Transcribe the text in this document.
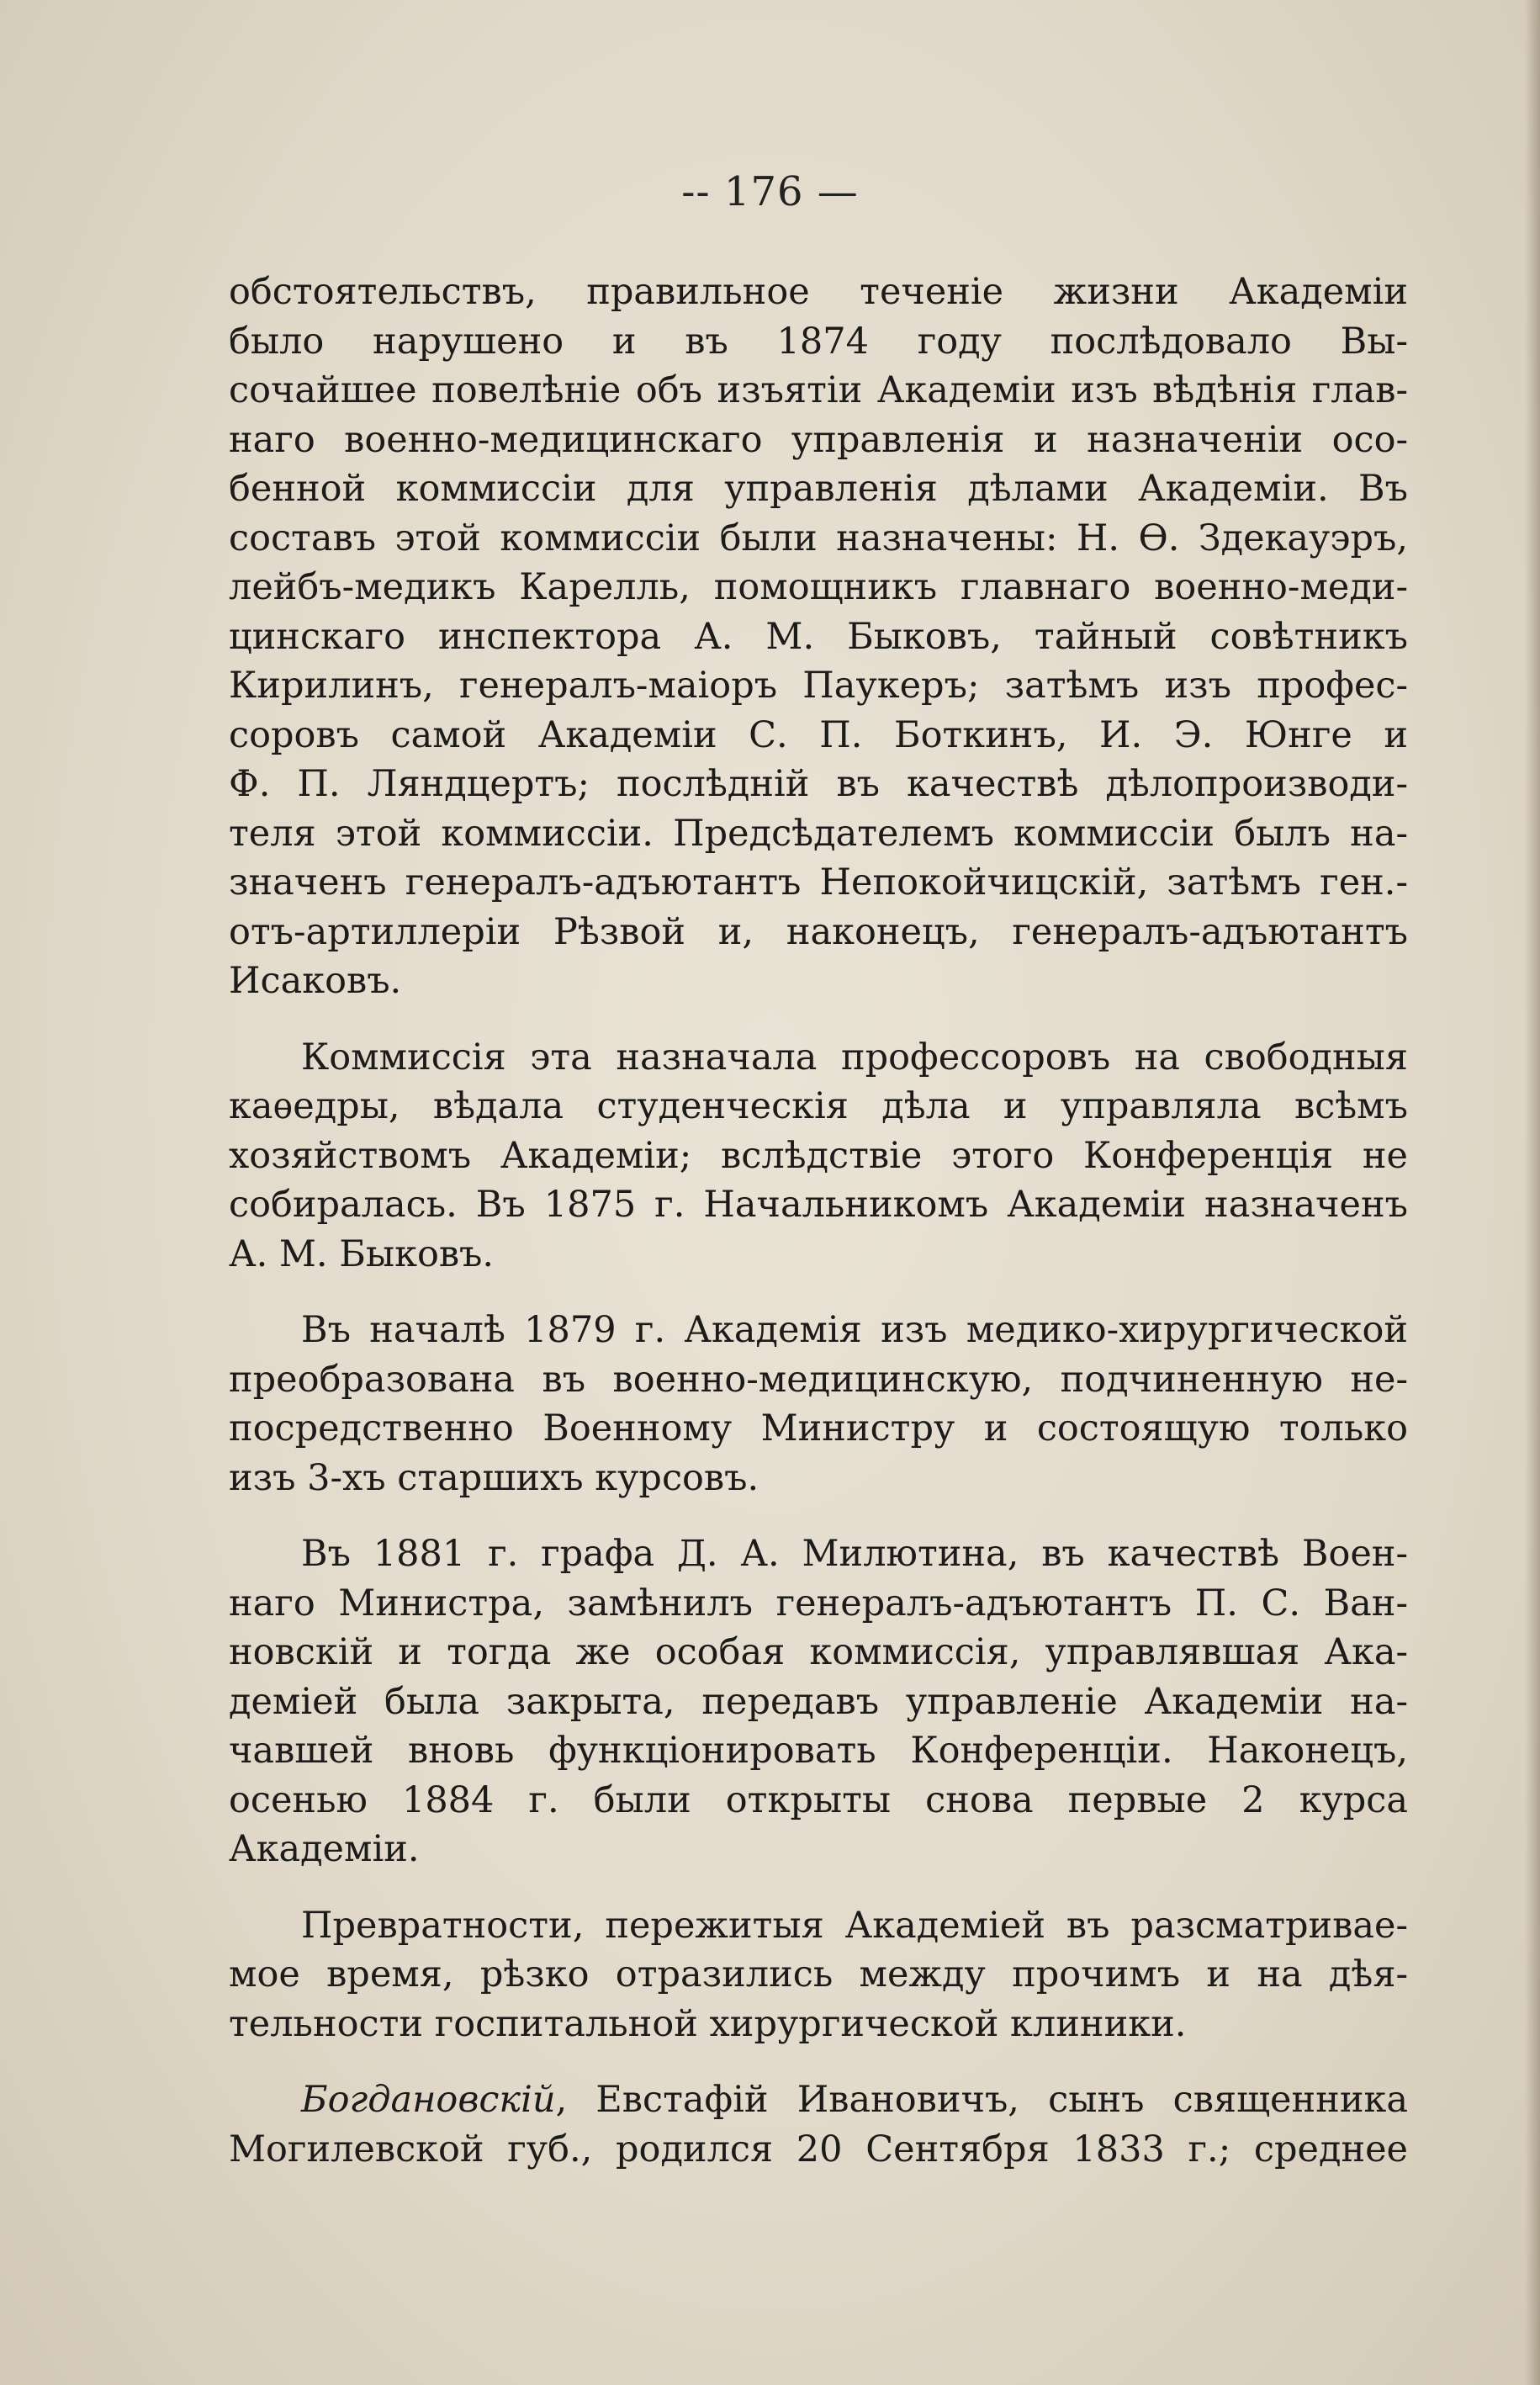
-- 176 —

обстоятельствъ, правильное теченіе жизни Академіи
было нарушено и въ 1874 году послѣдовало Вы-
сочайшее повелѣніе объ изъятіи Академіи изъ вѣдѣнія глав-
наго военно-медицинскаго управленія и назначеніи осо-
бенной коммиссіи для управленія дѣлами Академіи. Въ
составъ этой коммиссіи были назначены: Н. Ѳ. Здекауэръ,
лейбъ-медикъ Карелль, помощникъ главнаго военно-меди-
цинскаго инспектора А. М. Быковъ, тайный совѣтникъ
Кирилинъ, генералъ-маіоръ Паукеръ; затѣмъ изъ профес-
соровъ самой Академіи С. П. Боткинъ, И. Э. Юнге и
Ф. П. Ляндцертъ; послѣдній въ качествѣ дѣлопроизводи-
теля этой коммиссіи. Предсѣдателемъ коммиссіи былъ на-
значенъ генералъ-адъютантъ Непокойчицскій, затѣмъ ген.-
отъ-артиллеріи Рѣзвой и, наконецъ, генералъ-адъютантъ
Исаковъ.

Коммиссія эта назначала профессоровъ на свободныя
каѳедры, вѣдала студенческія дѣла и управляла всѣмъ
хозяйствомъ Академіи; вслѣдствіе этого Конференція не
собиралась. Въ 1875 г. Начальникомъ Академіи назначенъ
А. М. Быковъ.

Въ началѣ 1879 г. Академія изъ медико-хирургической
преобразована въ военно-медицинскую, подчиненную не-
посредственно Военному Министру и состоящую только
изъ 3-хъ старшихъ курсовъ.

Въ 1881 г. графа Д. А. Милютина, въ качествѣ Воен-
наго Министра, замѣнилъ генералъ-адъютантъ П. С. Ван-
новскій и тогда же особая коммиссія, управлявшая Ака-
деміей была закрыта, передавъ управленіе Академіи на-
чавшей вновь функціонировать Конференціи. Наконецъ,
осенью 1884 г. были открыты снова первые 2 курса
Академіи.

Превратности, пережитыя Академіей въ разсматривае-
мое время, рѣзко отразились между прочимъ и на дѣя-
тельности госпитальной хирургической клиники.

Богдановскій, Евстафій Ивановичъ, сынъ священника
Могилевской губ., родился 20 Сентября 1833 г.; среднее
